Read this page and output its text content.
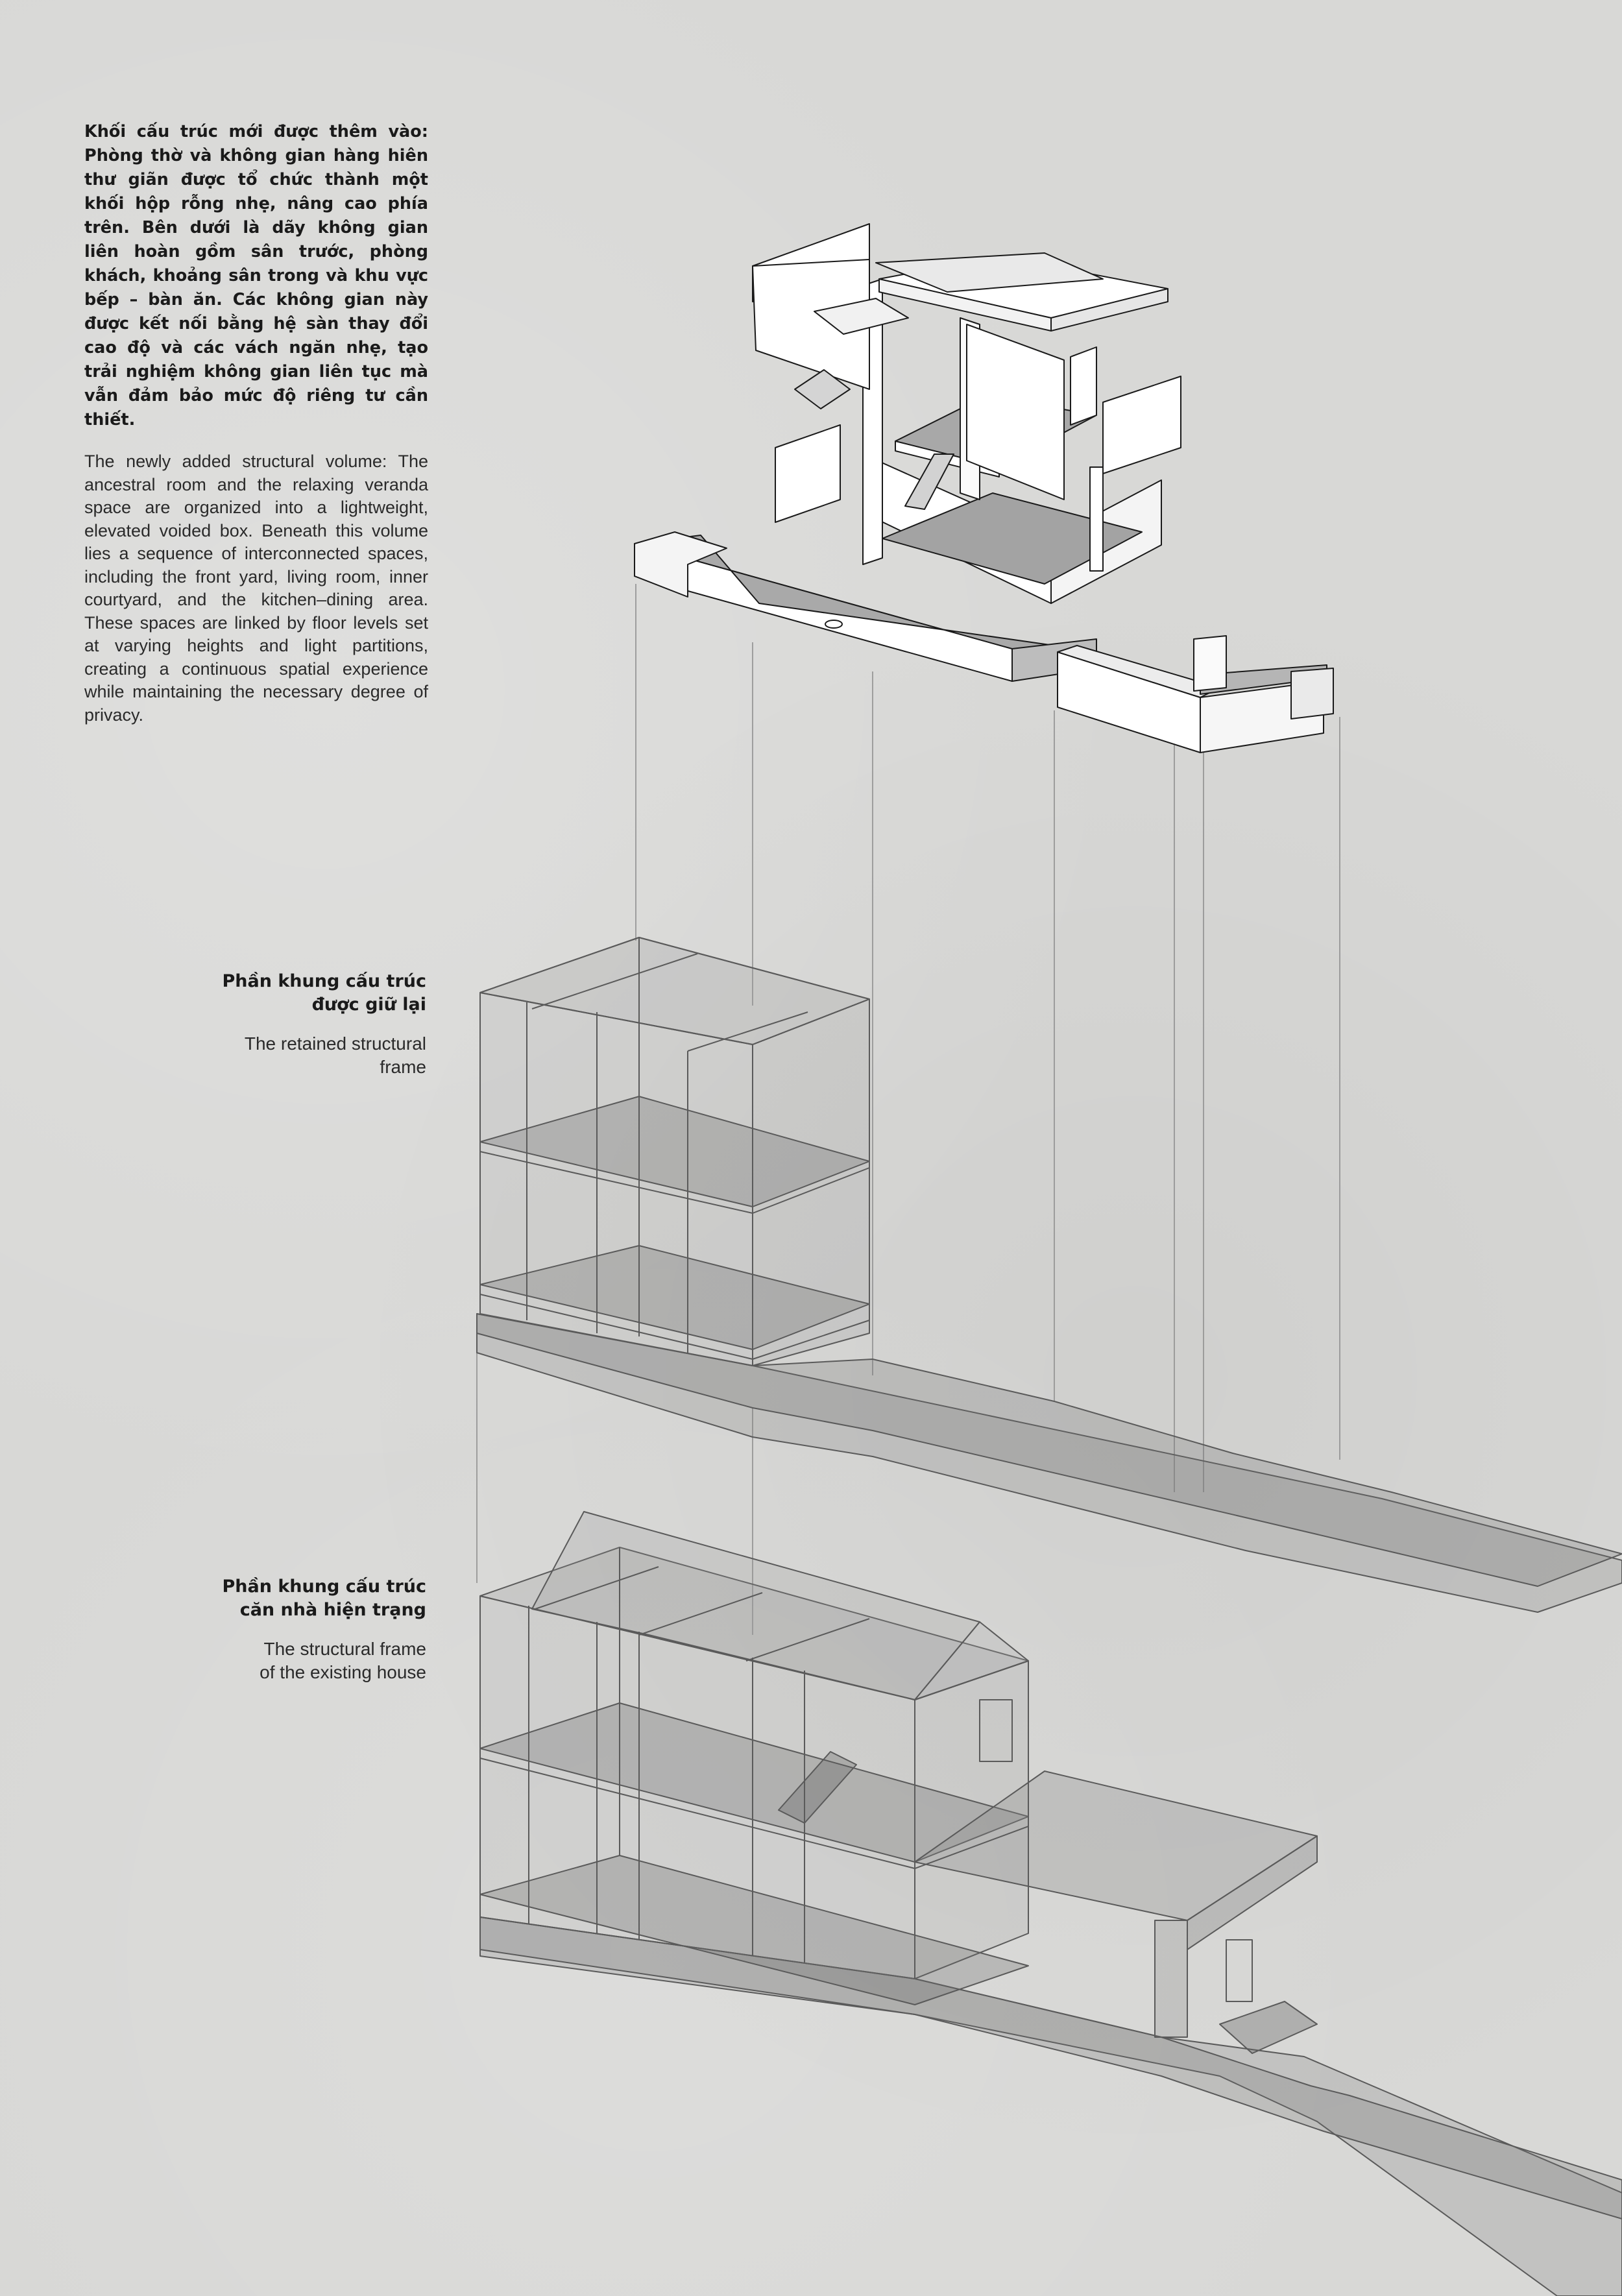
Khối cấu trúc mới được thêm vào: Phòng thờ và không gian hàng hiên thư giãn được tổ chức thành một khối hộp rỗng nhẹ, nâng cao phía trên. Bên dưới là dãy không gian liên hoàn gồm sân trước, phòng khách, khoảng sân trong và khu vực bếp – bàn ăn. Các không gian này được kết nối bằng hệ sàn thay đổi cao độ và các vách ngăn nhẹ, tạo trải nghiệm không gian liên tục mà vẫn đảm bảo mức độ riêng tư cần thiết.

The newly added structural volume: The ancestral room and the relaxing veranda space are organized into a lightweight, elevated voided box. Beneath this volume lies a sequence of interconnected spaces, including the front yard, living room, inner courtyard, and the kitchen–dining area. These spaces are linked by floor levels set at varying heights and light partitions, creating a continuous spatial experience while maintaining the necessary degree of privacy.

Phần khung cấu trúc
được giữ lại

The retained structural
frame

Phần khung cấu trúc
căn nhà hiện trạng

The structural frame
of the existing house
